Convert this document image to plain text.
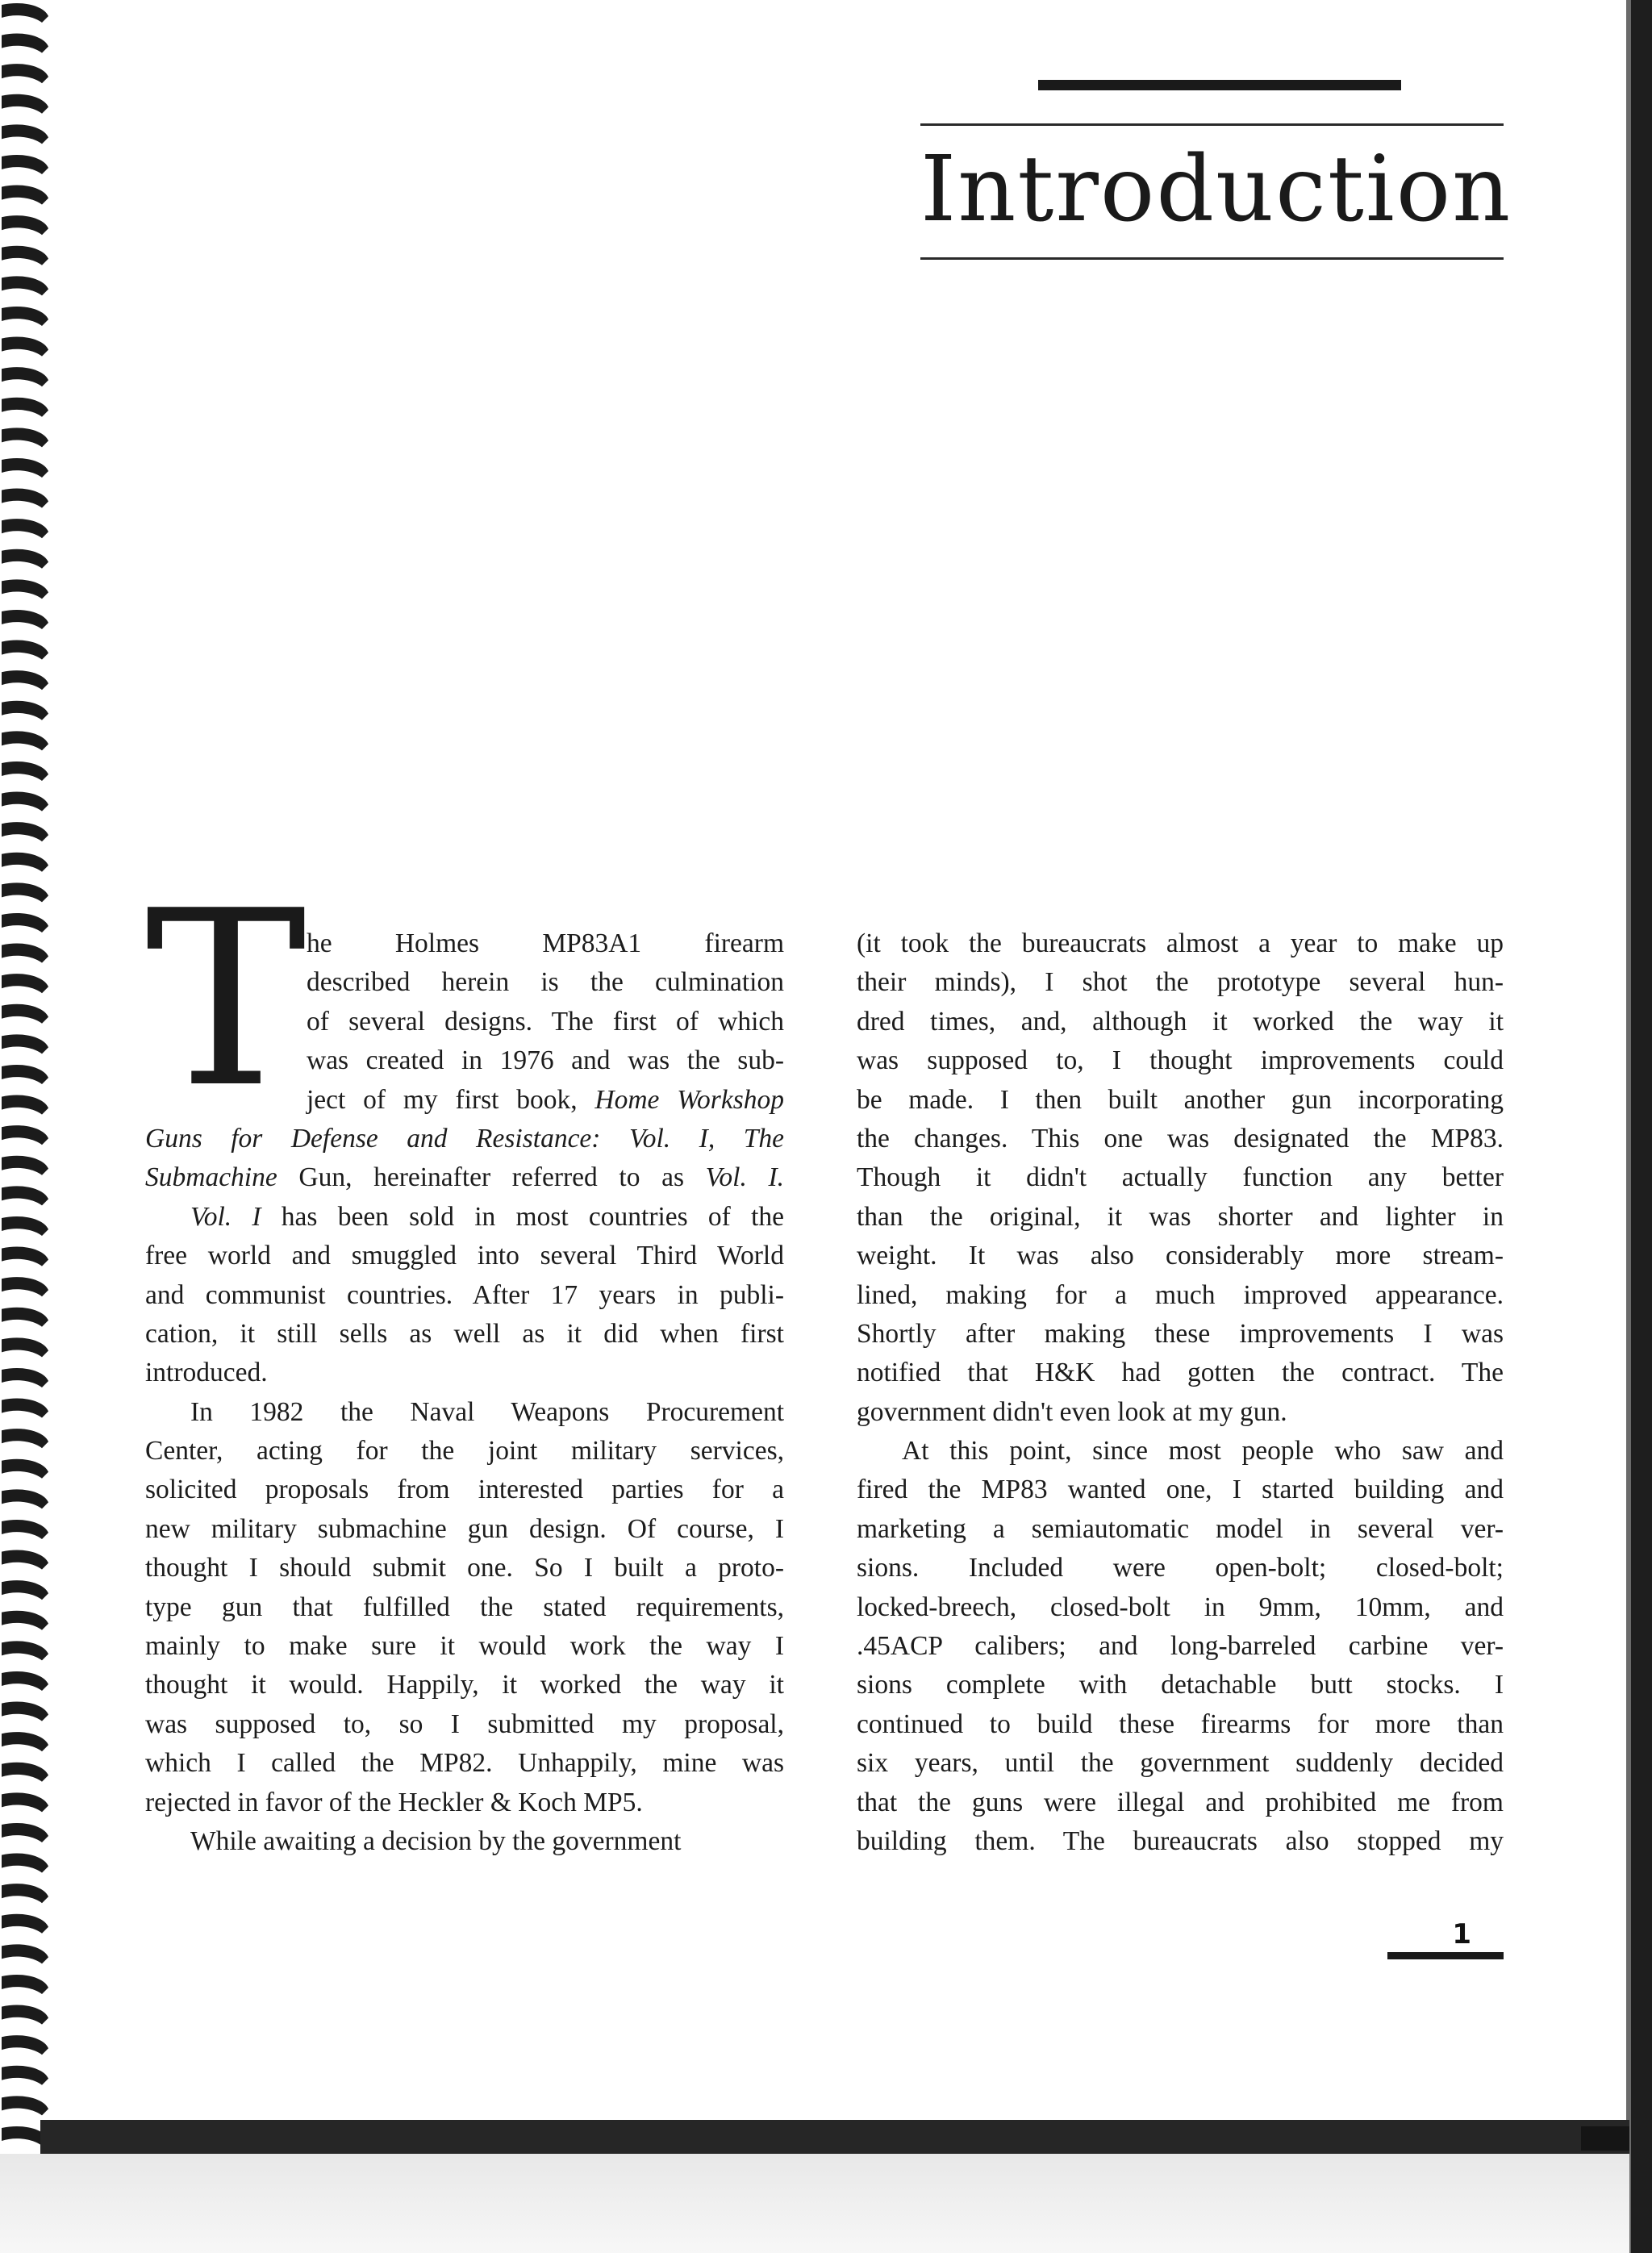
Introduction
T he Holmes MP83A1 firearm
described herein is the culmination
of several designs. The first of which
was created in 1976 and was the sub-
ject of my first book, Home Workshop
Guns for Defense and Resistance: Vol. I, The
Submachine Gun, hereinafter referred to as Vol. I.
Vol. I has been sold in most countries of the
free world and smuggled into several Third World
and communist countries. After 17 years in publi-
cation, it still sells as well as it did when first
introduced.
In 1982 the Naval Weapons Procurement
Center, acting for the joint military services,
solicited proposals from interested parties for a
new military submachine gun design. Of course, I
thought I should submit one. So I built a proto-
type gun that fulfilled the stated requirements,
mainly to make sure it would work the way I
thought it would. Happily, it worked the way it
was supposed to, so I submitted my proposal,
which I called the MP82. Unhappily, mine was
rejected in favor of the Heckler & Koch MP5.
While awaiting a decision by the government
(it took the bureaucrats almost a year to make up
their minds), I shot the prototype several hun-
dred times, and, although it worked the way it
was supposed to, I thought improvements could
be made. I then built another gun incorporating
the changes. This one was designated the MP83.
Though it didn't actually function any better
than the original, it was shorter and lighter in
weight. It was also considerably more stream-
lined, making for a much improved appearance.
Shortly after making these improvements I was
notified that H&K had gotten the contract. The
government didn't even look at my gun.
At this point, since most people who saw and
fired the MP83 wanted one, I started building and
marketing a semiautomatic model in several ver-
sions. Included were open-bolt; closed-bolt;
locked-breech, closed-bolt in 9mm, 10mm, and
.45ACP calibers; and long-barreled carbine ver-
sions complete with detachable butt stocks. I
continued to build these firearms for more than
six years, until the government suddenly decided
that the guns were illegal and prohibited me from
building them. The bureaucrats also stopped my
1
